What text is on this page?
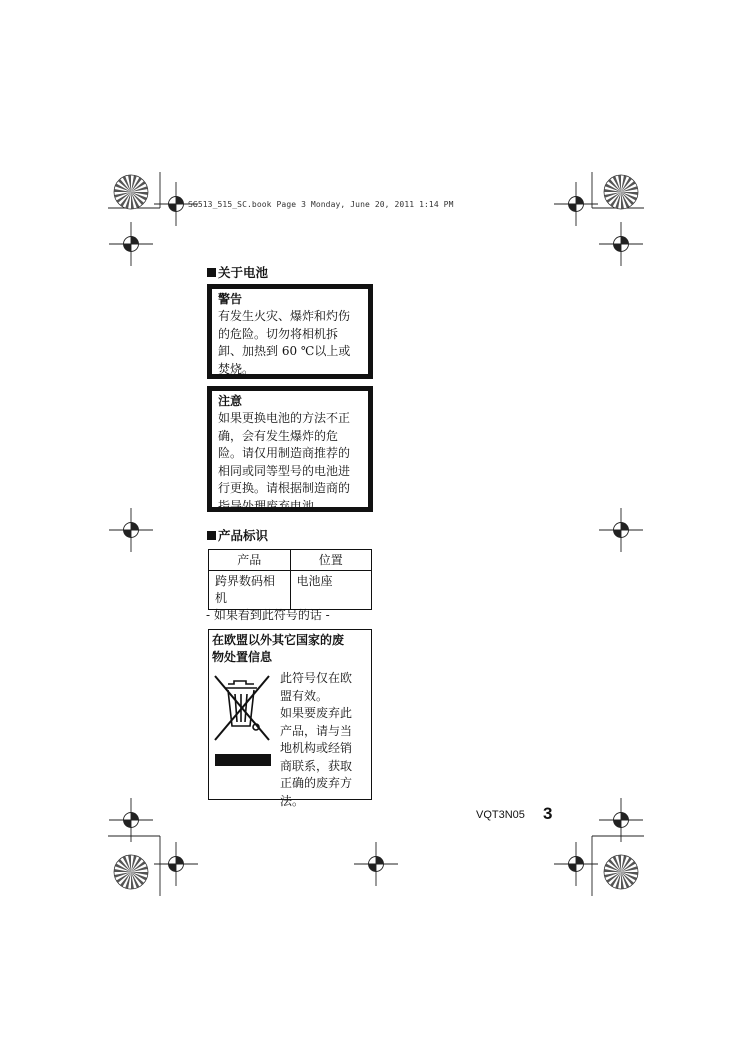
SG513_515_SC.book Page 3 Monday, June 20, 2011 1:14 PM
关于电池
警告
有发生火灾、爆炸和灼伤
的危险。切勿将相机拆
卸、加热到 60 ℃以上或
焚烧。
注意
如果更换电池的方法不正
确，会有发生爆炸的危
险。请仅用制造商推荐的
相同或同等型号的电池进
行更换。请根据制造商的
指导处理废弃电池。
产品标识
产品	位置
跨界数码相机	电池座
- 如果看到此符号的话 -
在欧盟以外其它国家的废
物处置信息
此符号仅在欧
盟有效。
如果要废弃此
产品，请与当
地机构或经销
商联系，获取
正确的废弃方
法。
VQT3N05 3
